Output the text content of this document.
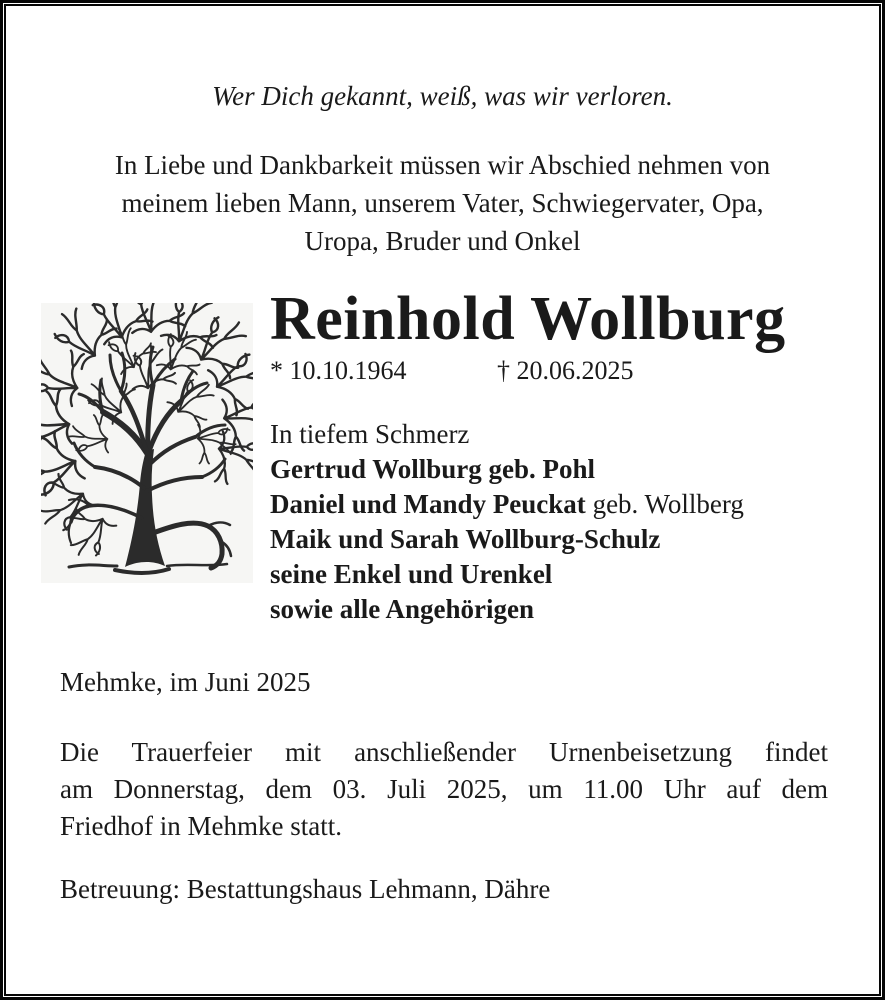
Wer Dich gekannt, weiß, was wir verloren.
In Liebe und Dankbarkeit müssen wir Abschied nehmen von
meinem lieben Mann, unserem Vater, Schwiegervater, Opa,
Uropa, Bruder und Onkel
Reinhold Wollburg
* 10.10.1964	† 20.06.2025
In tiefem Schmerz
Gertrud Wollburg geb. Pohl
Daniel und Mandy Peuckat geb. Wollberg
Maik und Sarah Wollburg-Schulz
seine Enkel und Urenkel
sowie alle Angehörigen
Mehmke, im Juni 2025
Die Trauerfeier mit anschließender Urnenbeisetzung findet
am Donnerstag, dem 03. Juli 2025, um 11.00 Uhr auf dem
Friedhof in Mehmke statt.
Betreuung: Bestattungshaus Lehmann, Dähre
